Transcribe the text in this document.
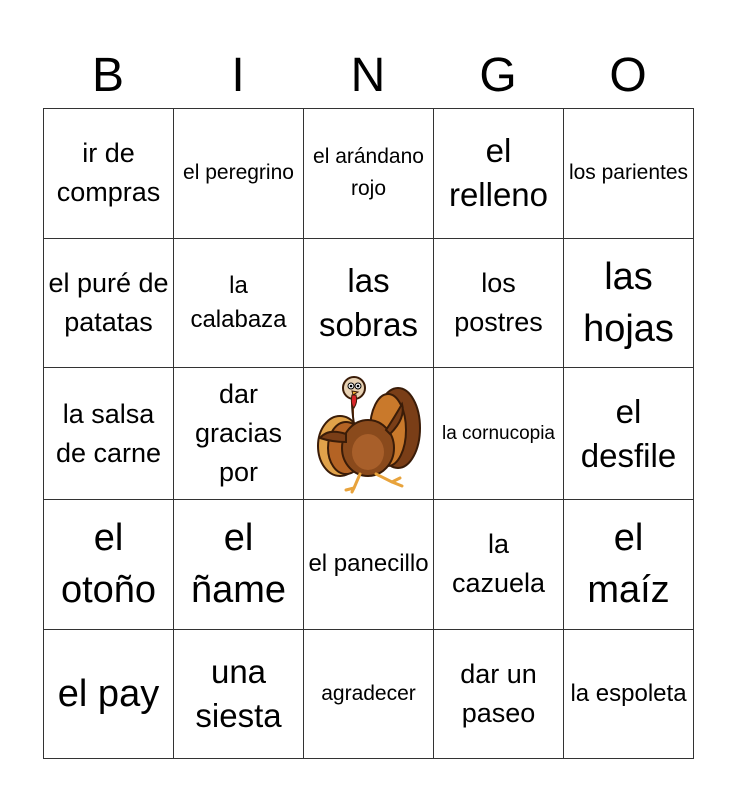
B	I	N	G	O
ir de compras	el peregrino	el arándano rojo	el relleno	los parientes

el puré de patatas	la calabaza	las sobras	los postres	las hojas

la salsa de carne	dar gracias por		la cornucopia	el desfile

el otoño	el ñame	el panecillo	la cazuela	el maíz

el pay	una siesta	agradecer	dar un paseo	la espoleta
